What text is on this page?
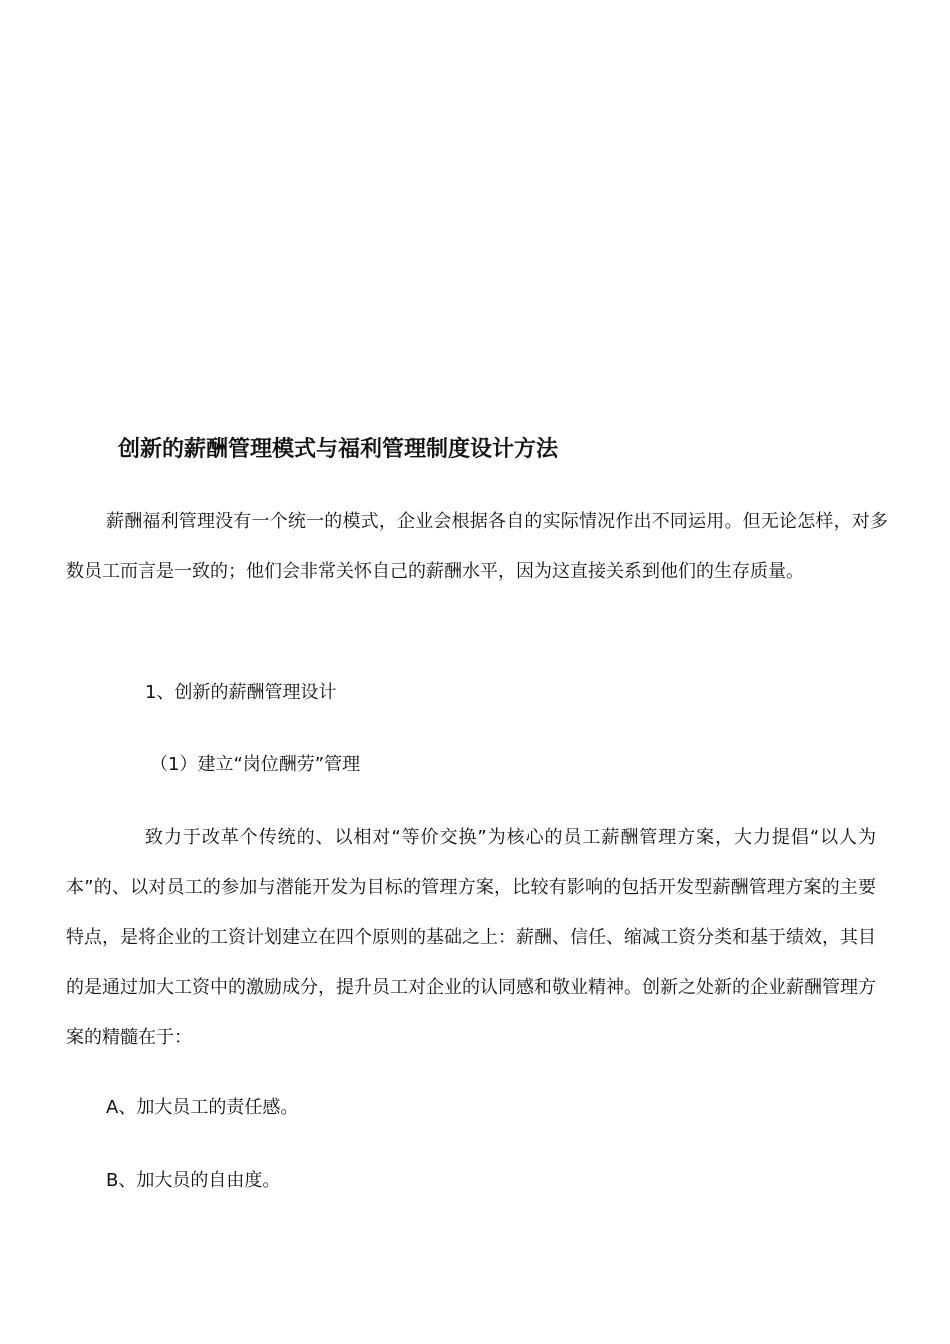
创新的薪酬管理模式与福利管理制度设计方法

薪酬福利管理没有一个统一的模式，企业会根据各自的实际情况作出不同运用。但无论怎样，对多数员工而言是一致的；他们会非常关怀自己的薪酬水平，因为这直接关系到他们的生存质量。

1、创新的薪酬管理设计
（1）建立“岗位酬劳”管理

致力于改革个传统的、以相对“等价交换”为核心的员工薪酬管理方案，大力提倡“以人为本”的、以对员工的参加与潜能开发为目标的管理方案，比较有影响的包括开发型薪酬管理方案的主要特点，是将企业的工资计划建立在四个原则的基础之上：薪酬、信任、缩减工资分类和基于绩效，其目的是通过加大工资中的激励成分，提升员工对企业的认同感和敬业精神。创新之处新的企业薪酬管理方案的精髓在于：

A、加大员工的责任感。
B、加大员的自由度。
